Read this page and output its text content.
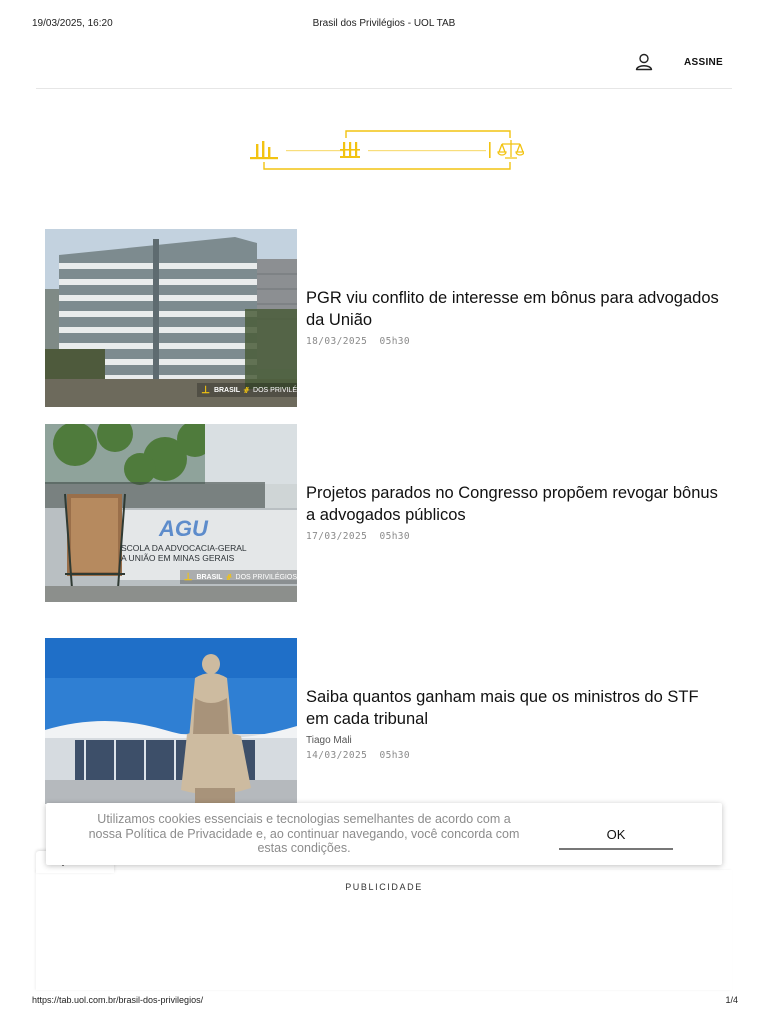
19/03/2025, 16:20	Brasil dos Privilégios - UOL TAB
ASSINE
⊥ BRASIL ᚌ DOS PRIVILÉ
PGR viu conflito de interesse em bônus para advogados da União
18/03/2025 05h30
AGU
SCOLA DA ADVOCACIA-GERAL
A UNIÃO EM MINAS GERAIS
⊥ BRASIL ᚌ DOS PRIVILÉGIOS
Projetos parados no Congresso propõem revogar bônus a advogados públicos
17/03/2025 05h30
Saiba quantos ganham mais que os ministros do STF em cada tribunal
Tiago Mali
14/03/2025 05h30
PUBLICIDADE
Utilizamos cookies essenciais e tecnologias semelhantes de acordo com a nossa Política de Privacidade e, ao continuar navegando, você concorda com estas condições.
OK
https://tab.uol.com.br/brasil-dos-privilegios/	1/4
